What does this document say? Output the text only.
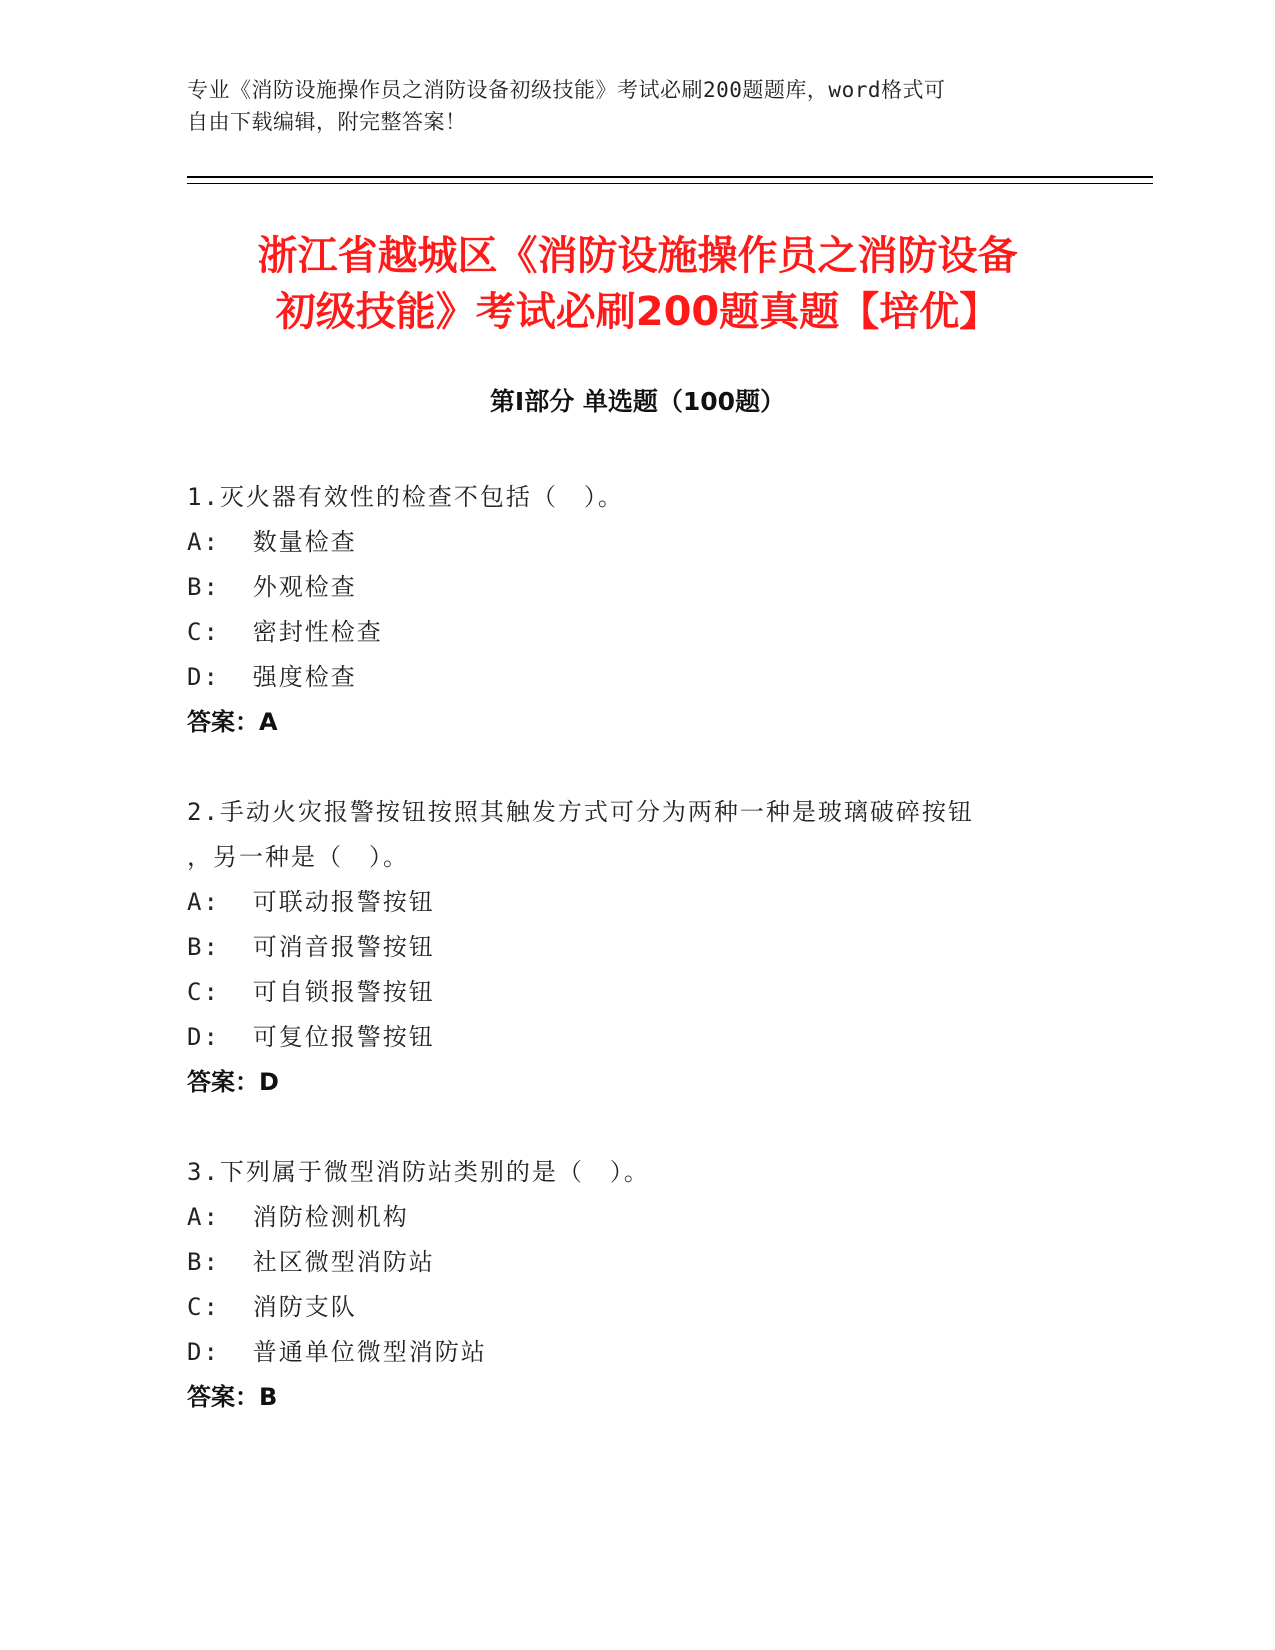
专业《消防设施操作员之消防设备初级技能》考试必刷200题题库，word格式可
自由下载编辑，附完整答案！
浙江省越城区《消防设施操作员之消防设备
初级技能》考试必刷200题真题【培优】
第Ⅰ部分 单选题（100题）
1.灭火器有效性的检查不包括（　）。
A:  数量检查
B:  外观检查
C:  密封性检查
D:  强度检查
答案：A
2.手动火灾报警按钮按照其触发方式可分为两种一种是玻璃破碎按钮
，另一种是（　）。
A:  可联动报警按钮
B:  可消音报警按钮
C:  可自锁报警按钮
D:  可复位报警按钮
答案：D
3.下列属于微型消防站类别的是（　）。
A:  消防检测机构
B:  社区微型消防站
C:  消防支队
D:  普通单位微型消防站
答案：B
